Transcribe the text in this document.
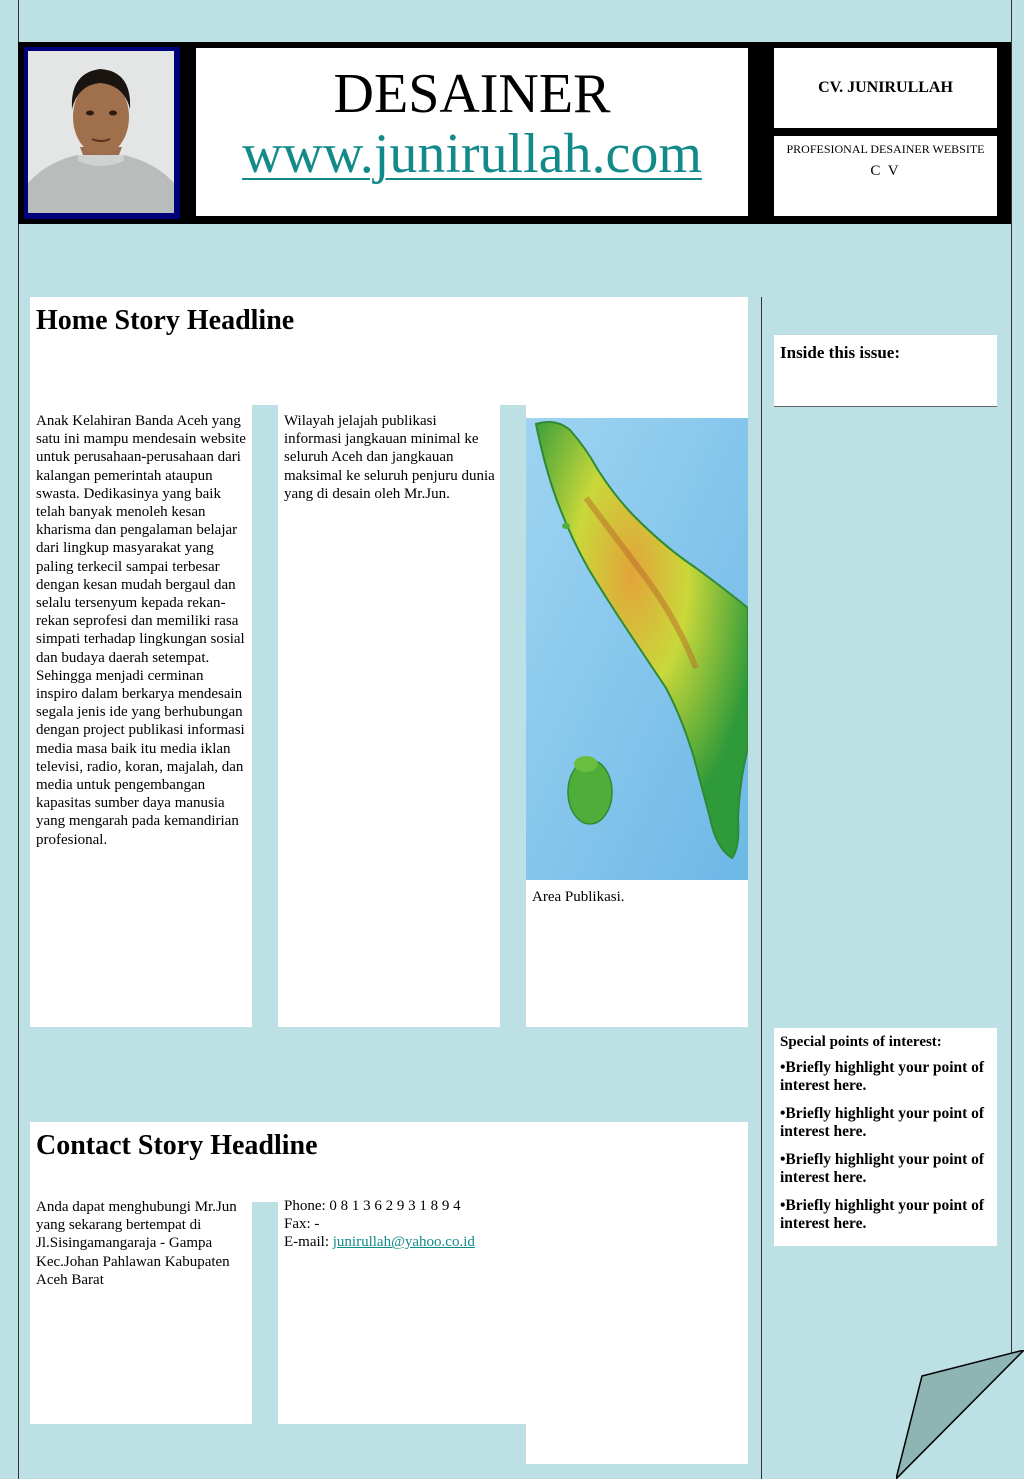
DESAINER
www.junirullah.com
CV. JUNIRULLAH
PROFESIONAL DESAINER WEBSITE
C V
Home Story Headline
Anak Kelahiran Banda Aceh yang satu ini mampu mendesain website untuk perusahaan-perusahaan dari kalangan pemerintah ataupun swasta. Dedikasinya yang baik telah banyak menoleh kesan kharisma dan pengalaman belajar dari lingkup masyarakat yang paling terkecil sampai terbesar dengan kesan mudah bergaul dan selalu tersenyum kepada rekan-rekan seprofesi dan memiliki rasa simpati terhadap lingkungan sosial dan budaya daerah setempat. Sehingga menjadi cerminan inspiro dalam berkarya mendesain segala jenis ide yang berhubungan dengan project publikasi informasi media masa baik itu media iklan televisi, radio, koran, majalah, dan media untuk pengembangan kapasitas sumber daya manusia yang mengarah pada kemandirian profesional.
Wilayah jelajah publikasi informasi jangkauan minimal ke seluruh Aceh dan jangkauan maksimal ke seluruh penjuru dunia yang di desain oleh Mr.Jun.
Area Publikasi.
Inside this issue:
Special points of interest:
•Briefly highlight your point of interest here.
•Briefly highlight your point of interest here.
•Briefly highlight your point of interest here.
•Briefly highlight your point of interest here.
Contact Story Headline
Anda dapat menghubungi Mr.Jun yang sekarang bertempat di Jl.Sisingamangaraja - Gampa Kec.Johan Pahlawan Kabupaten Aceh Barat
Phone: 0 8 1 3 6 2 9 3 1 8 9 4
Fax: -
E-mail: junirullah@yahoo.co.id
